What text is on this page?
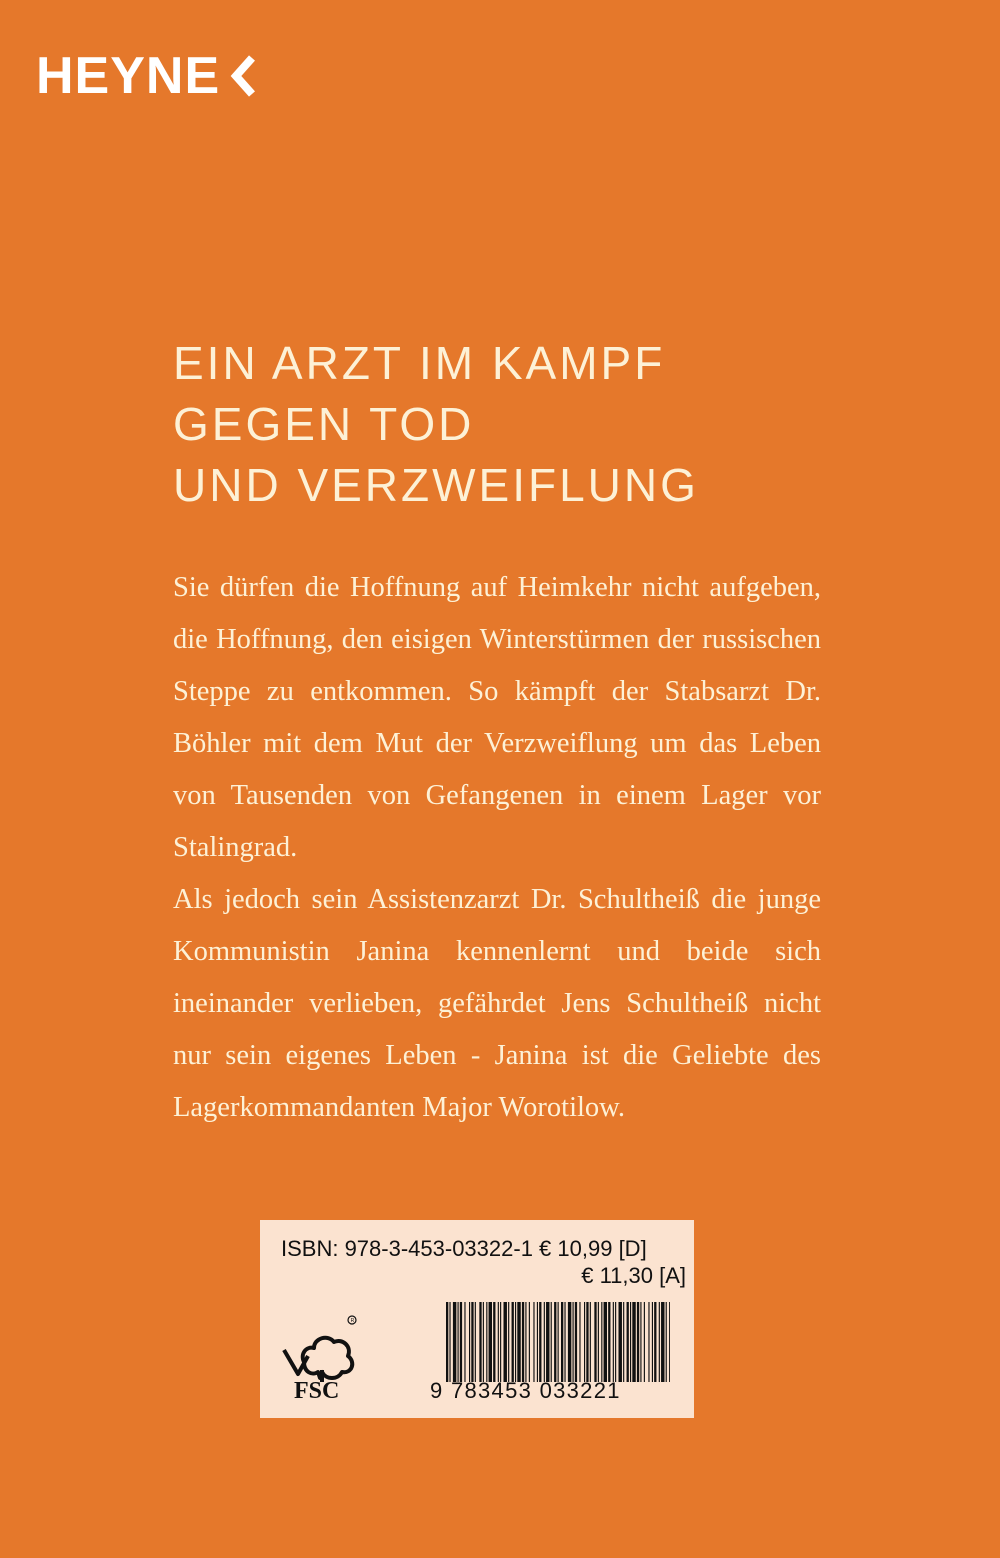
HEYNE
EIN ARZT IM KAMPF
GEGEN TOD
UND VERZWEIFLUNG

Sie dürfen die Hoffnung auf Heimkehr nicht aufgeben, die Hoffnung, den eisigen Winterstürmen der russischen Steppe zu entkommen. So kämpft der Stabsarzt Dr. Böhler mit dem Mut der Verzweiflung um das Leben von Tausenden von Gefangenen in einem Lager vor Stalingrad.

Als jedoch sein Assistenzarzt Dr. Schultheiß die junge Kommunistin Janina kennenlernt und beide sich ineinander verlieben, gefährdet Jens Schultheiß nicht nur sein eigenes Leben - Janina ist die Geliebte des Lagerkommandanten Major Worotilow.

ISBN: 978-3-453-03322-1 € 10,99 [D]
€ 11,30 [A]
R
FSC	9 783453 033221
